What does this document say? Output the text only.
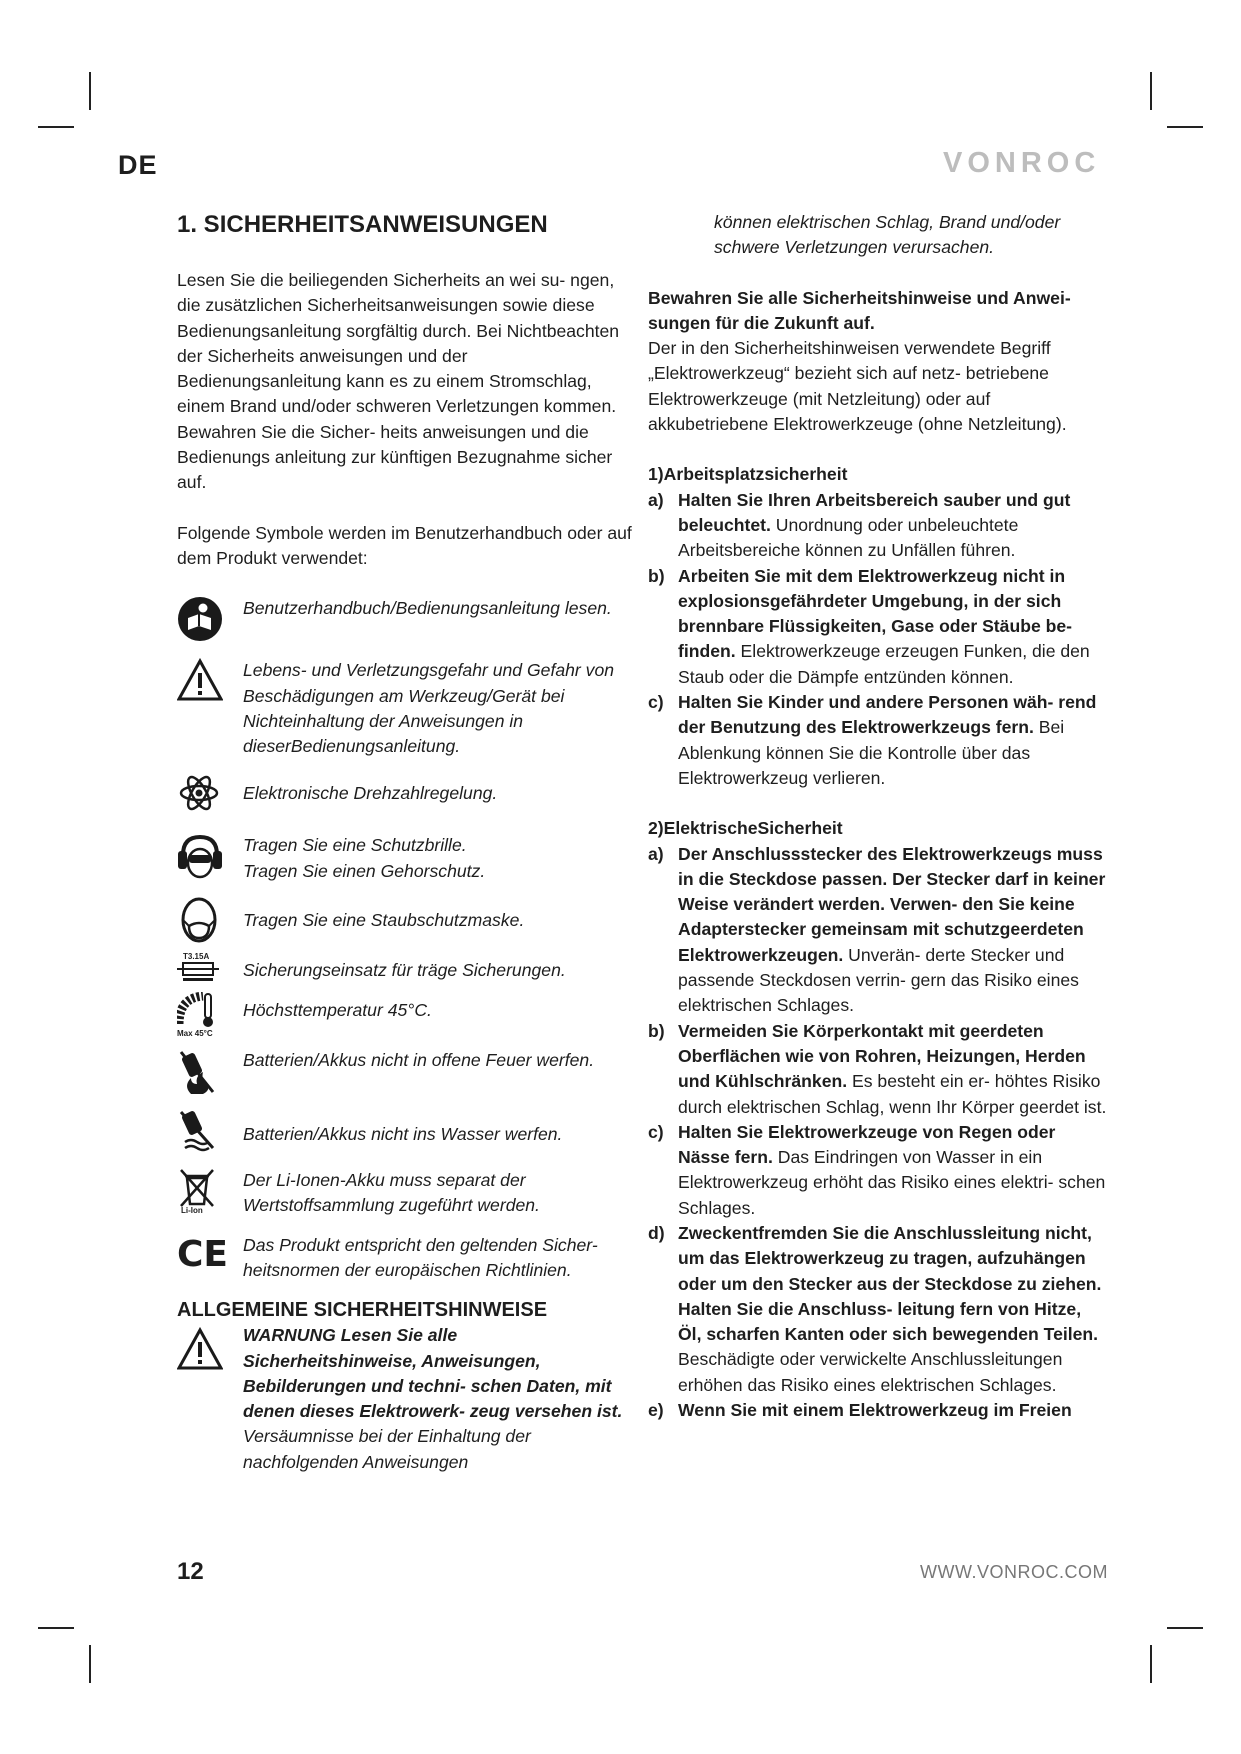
DE	VONROC
1. SICHERHEITSANWEISUNGEN

Lesen Sie die beiliegenden Sicherheits an wei su- ngen, die zusätzlichen Sicherheitsanweisungen sowie diese Bedienungsanleitung sorgfältig durch. Bei Nichtbeachten der Sicherheits anweisungen und der Bedienungsanleitung kann es zu einem Stromschlag, einem Brand und/oder schweren Verletzungen kommen. Bewahren Sie die Sicher- heits anweisungen und die Bedienungs anleitung zur künftigen Bezugnahme sicher auf.

Folgende Symbole werden im Benutzerhandbuch oder auf dem Produkt verwendet:

Benutzerhandbuch/Bedienungsanleitung lesen.
Lebens- und Verletzungsgefahr und Gefahr von Beschädigungen am Werkzeug/Gerät bei Nichteinhaltung der Anweisungen in dieserBedienungsanleitung.
Elektronische Drehzahlregelung.
Tragen Sie eine Schutzbrille.
Tragen Sie einen Gehorschutz.
Tragen Sie eine Staubschutzmaske.
T3.15A
Sicherungseinsatz für träge Sicherungen.
Max 45°C
Höchsttemperatur 45°C.
Batterien/Akkus nicht in offene Feuer werfen.
Batterien/Akkus nicht ins Wasser werfen.
Li-Ion
Der Li-Ionen-Akku muss separat der Wertstoffsammlung zugeführt werden.
CE Das Produkt entspricht den geltenden Sicher- heitsnormen der europäischen Richtlinien.
ALLGEMEINE SICHERHEITSHINWEISE
WARNUNG Lesen Sie alle Sicherheitshinweise, Anweisungen, Bebilderungen und techni- schen Daten, mit denen dieses Elektrowerk- zeug versehen ist. Versäumnisse bei der Einhaltung der nachfolgenden Anweisungen

können elektrischen Schlag, Brand und/oder schwere Verletzungen verursachen.

Bewahren Sie alle Sicherheitshinweise und Anwei- sungen für die Zukunft auf.

Der in den Sicherheitshinweisen verwendete Begriff „Elektrowerkzeug“ bezieht sich auf netz- betriebene Elektrowerkzeuge (mit Netzleitung) oder auf akkubetriebene Elektrowerkzeuge (ohne Netzleitung).

1)Arbeitsplatzsicherheit

a) Halten Sie Ihren Arbeitsbereich sauber und gut beleuchtet. Unordnung oder unbeleuchtete Arbeitsbereiche können zu Unfällen führen.
b) Arbeiten Sie mit dem Elektrowerkzeug nicht in explosionsgefährdeter Umgebung, in der sich brennbare Flüssigkeiten, Gase oder Stäube be- finden. Elektrowerkzeuge erzeugen Funken, die den Staub oder die Dämpfe entzünden können.
c) Halten Sie Kinder und andere Personen wäh- rend der Benutzung des Elektrowerkzeugs fern. Bei Ablenkung können Sie die Kontrolle über das Elektrowerkzeug verlieren.

2)ElektrischeSicherheit

a) Der Anschlussstecker des Elektrowerkzeugs muss in die Steckdose passen. Der Stecker darf in keiner Weise verändert werden. Verwen- den Sie keine Adapterstecker gemeinsam mit schutzgeerdeten Elektrowerkzeugen. Unverän- derte Stecker und passende Steckdosen verrin- gern das Risiko eines elektrischen Schlages.
b) Vermeiden Sie Körperkontakt mit geerdeten Oberflächen wie von Rohren, Heizungen, Herden und Kühlschränken. Es besteht ein er- höhtes Risiko durch elektrischen Schlag, wenn Ihr Körper geerdet ist.
c) Halten Sie Elektrowerkzeuge von Regen oder Nässe fern. Das Eindringen von Wasser in ein Elektrowerkzeug erhöht das Risiko eines elektri- schen Schlages.
d) Zweckentfremden Sie die Anschlussleitung nicht, um das Elektrowerkzeug zu tragen, aufzuhängen oder um den Stecker aus der Steckdose zu ziehen. Halten Sie die Anschluss- leitung fern von Hitze, Öl, scharfen Kanten oder sich bewegenden Teilen. Beschädigte oder verwickelte Anschlussleitungen erhöhen das Risiko eines elektrischen Schlages.
e) Wenn Sie mit einem Elektrowerkzeug im Freien
12	WWW.VONROC.COM
